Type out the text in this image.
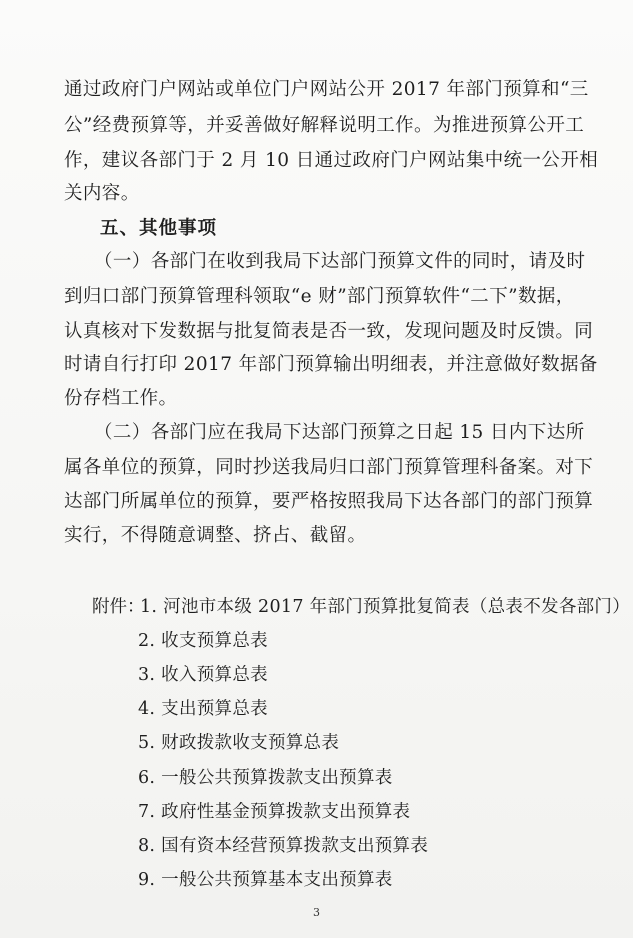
通过政府门户网站或单位门户网站公开 2017 年部门预算和“三
公”经费预算等，并妥善做好解释说明工作。为推进预算公开工
作，建议各部门于 2 月 10 日通过政府门户网站集中统一公开相
关内容。
五、其他事项
（一）各部门在收到我局下达部门预算文件的同时，请及时
到归口部门预算管理科领取“e 财”部门预算软件“二下”数据，
认真核对下发数据与批复简表是否一致，发现问题及时反馈。同
时请自行打印 2017 年部门预算输出明细表，并注意做好数据备
份存档工作。
（二）各部门应在我局下达部门预算之日起 15 日内下达所
属各单位的预算，同时抄送我局归口部门预算管理科备案。对下
达部门所属单位的预算，要严格按照我局下达各部门的部门预算
实行，不得随意调整、挤占、截留。
附件：
1. 河池市本级 2017 年部门预算批复简表（总表不发各部门）
2. 收支预算总表
3. 收入预算总表
4. 支出预算总表
5. 财政拨款收支预算总表
6. 一般公共预算拨款支出预算表
7. 政府性基金预算拨款支出预算表
8. 国有资本经营预算拨款支出预算表
9. 一般公共预算基本支出预算表
3
